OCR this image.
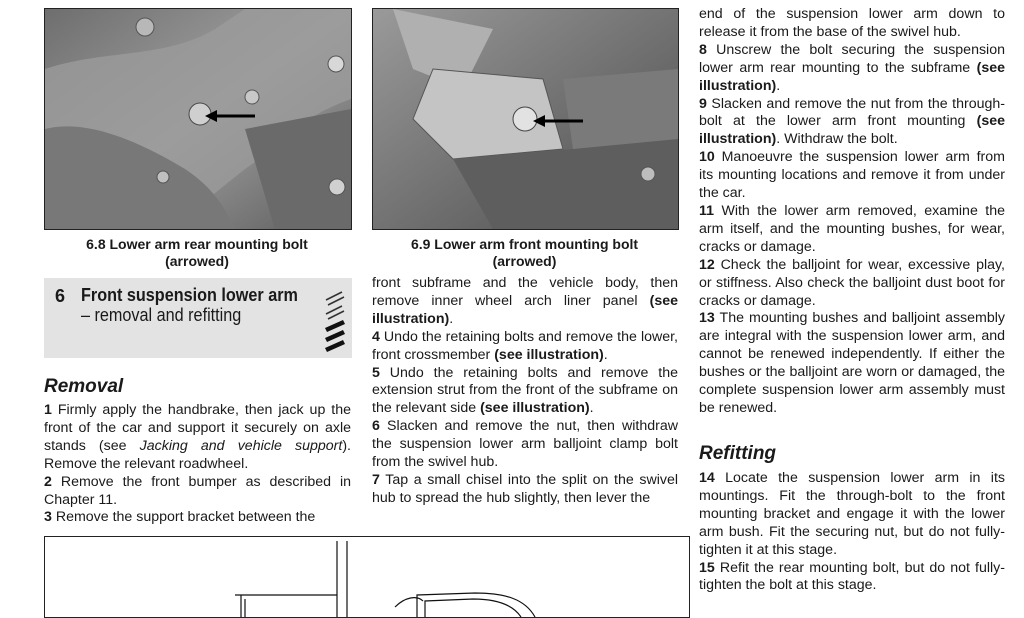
6.8 Lower arm rear mounting bolt
(arrowed)
6.9 Lower arm front mounting bolt
(arrowed)
6 Front suspension lower arm
– removal and refitting
Removal

1 Firmly apply the handbrake, then jack up the front of the car and support it securely on axle stands (see Jacking and vehicle support). Remove the relevant roadwheel.

2 Remove the front bumper as described in Chapter 11.

3 Remove the support bracket between the

front subframe and the vehicle body, then remove inner wheel arch liner panel (see illustration).

4 Undo the retaining bolts and remove the lower, front crossmember (see illustration).

5 Undo the retaining bolts and remove the extension strut from the front of the subframe on the relevant side (see illustration).

6 Slacken and remove the nut, then withdraw the suspension lower arm balljoint clamp bolt from the swivel hub.

7 Tap a small chisel into the split on the swivel hub to spread the hub slightly, then lever the

end of the suspension lower arm down to release it from the base of the swivel hub.

8 Unscrew the bolt securing the suspension lower arm rear mounting to the subframe (see illustration).

9 Slacken and remove the nut from the through-bolt at the lower arm front mounting (see illustration). Withdraw the bolt.

10 Manoeuvre the suspension lower arm from its mounting locations and remove it from under the car.

11 With the lower arm removed, examine the arm itself, and the mounting bushes, for wear, cracks or damage.

12 Check the balljoint for wear, excessive play, or stiffness. Also check the balljoint dust boot for cracks or damage.

13 The mounting bushes and balljoint assembly are integral with the suspension lower arm, and cannot be renewed independently. If either the bushes or the balljoint are worn or damaged, the complete suspension lower arm assembly must be renewed.

Refitting

14 Locate the suspension lower arm in its mountings. Fit the through-bolt to the front mounting bracket and engage it with the lower arm bush. Fit the securing nut, but do not fully-tighten it at this stage.

15 Refit the rear mounting bolt, but do not fully-tighten the bolt at this stage.
